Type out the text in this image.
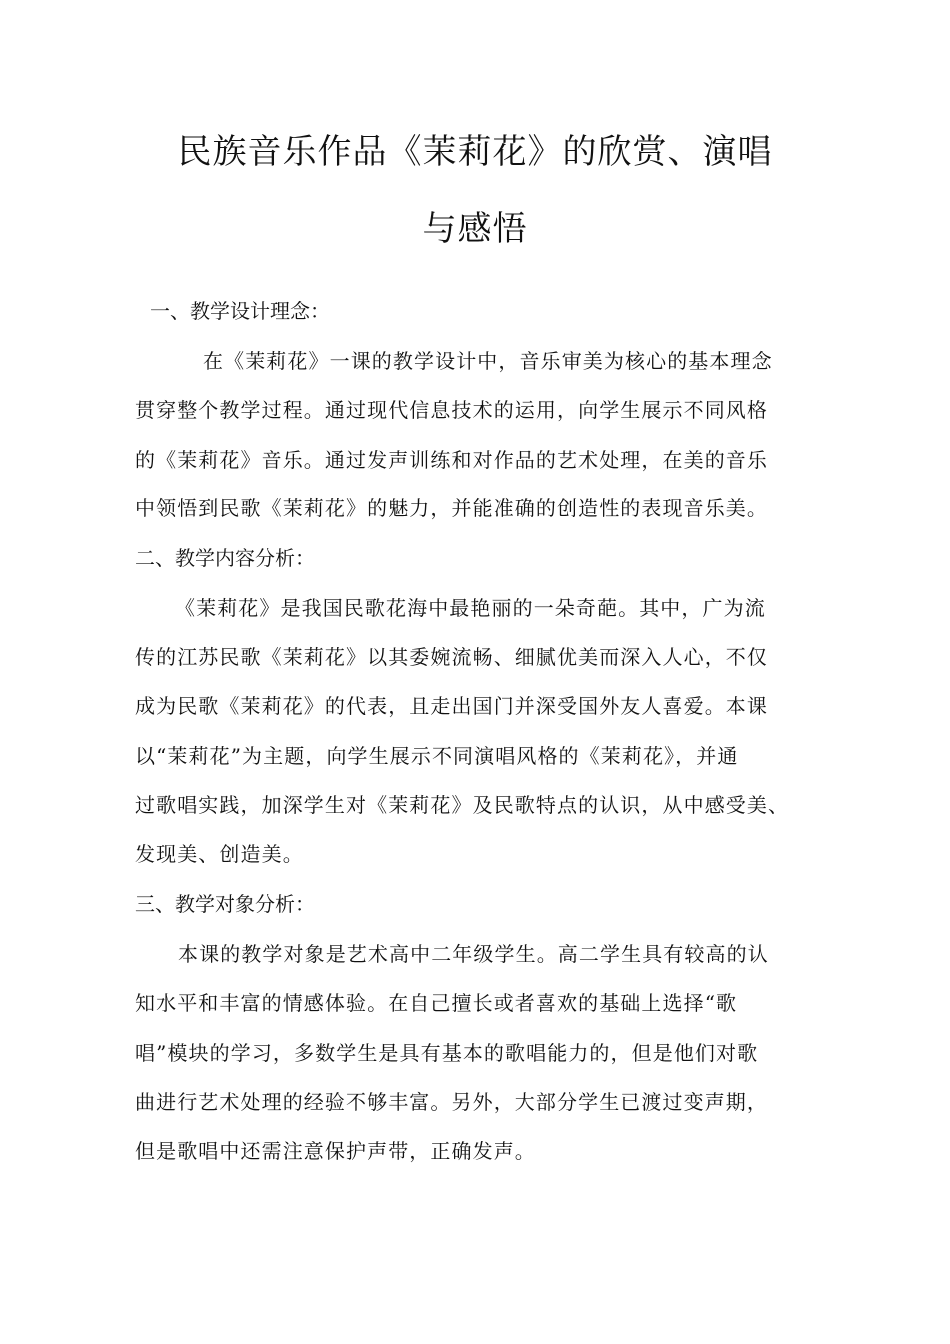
民族音乐作品《茉莉花》的欣赏、演唱
与感悟
一、教学设计理念：
在《茉莉花》一课的教学设计中，音乐审美为核心的基本理念
贯穿整个教学过程。通过现代信息技术的运用，向学生展示不同风格
的《茉莉花》音乐。通过发声训练和对作品的艺术处理，在美的音乐
中领悟到民歌《茉莉花》的魅力，并能准确的创造性的表现音乐美。
二、教学内容分析：
《茉莉花》是我国民歌花海中最艳丽的一朵奇葩。其中，广为流
传的江苏民歌《茉莉花》以其委婉流畅、细腻优美而深入人心，不仅
成为民歌《茉莉花》的代表，且走出国门并深受国外友人喜爱。本课
以“茉莉花”为主题，向学生展示不同演唱风格的《茉莉花》，并通
过歌唱实践，加深学生对《茉莉花》及民歌特点的认识，从中感受美、
发现美、创造美。
三、教学对象分析：
本课的教学对象是艺术高中二年级学生。高二学生具有较高的认
知水平和丰富的情感体验。在自己擅长或者喜欢的基础上选择“歌
唱”模块的学习，多数学生是具有基本的歌唱能力的，但是他们对歌
曲进行艺术处理的经验不够丰富。另外，大部分学生已渡过变声期，
但是歌唱中还需注意保护声带，正确发声。
